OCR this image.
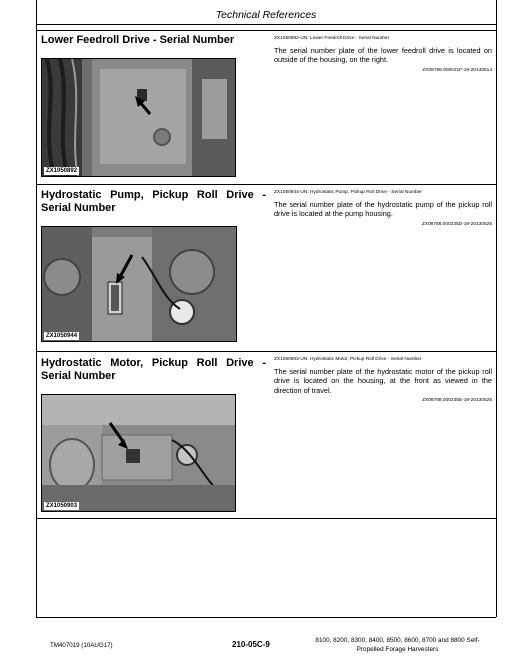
Technical References
Lower Feedroll Drive - Serial Number	ZX1050892-UN: Lower Feedroll Drive - Serial Number
The serial number plate of the lower feedroll drive is located on outside of the housing, on the right.
ZX08788,000021F-19-20140514
ZX1050892
Hydrostatic Pump, Pickup Roll Drive - Serial Number
ZX1050944-UN: Hydrostatic Pump, Pickup Roll Drive - Serial Number
The serial number plate of the hydrostatic pump of the pickup roll drive is located at the pump housing.
ZX08788,000235D-19-20130625
ZX1050944
Hydrostatic Motor, Pickup Roll Drive - Serial Number
ZX1050903-UN: Hydrostatic Motor, Pickup Roll Drive - Serial Number
The serial number plate of the hydrostatic motor of the pickup roll drive is located on the housing, at the front as viewed in the direction of travel.
ZX08788,000235E-19-20130625
ZX1050903
TM407019 (10AUG17)	210-05C-9	8100, 8200, 8300, 8400, 8500, 8600, 8700 and 8800 Self-
Propelled Forage Harvesters
